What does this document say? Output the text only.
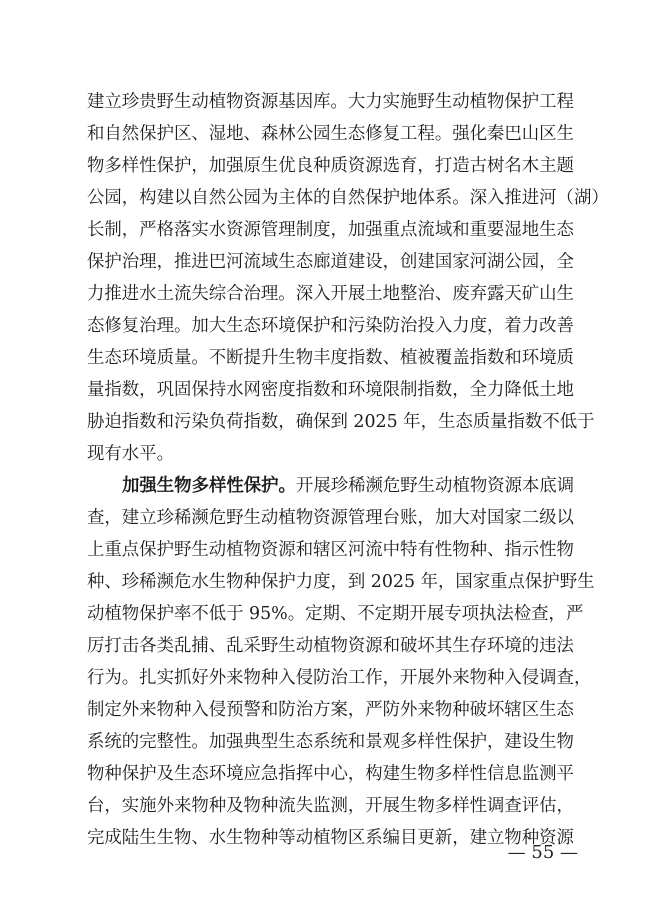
建立珍贵野生动植物资源基因库。大力实施野生动植物保护工程
和自然保护区、湿地、森林公园生态修复工程。强化秦巴山区生
物多样性保护，加强原生优良种质资源选育，打造古树名木主题
公园，构建以自然公园为主体的自然保护地体系。深入推进河（湖）
长制，严格落实水资源管理制度，加强重点流域和重要湿地生态
保护治理，推进巴河流域生态廊道建设，创建国家河湖公园，全
力推进水土流失综合治理。深入开展土地整治、废弃露天矿山生
态修复治理。加大生态环境保护和污染防治投入力度，着力改善
生态环境质量。不断提升生物丰度指数、植被覆盖指数和环境质
量指数，巩固保持水网密度指数和环境限制指数，全力降低土地
胁迫指数和污染负荷指数，确保到 2025 年，生态质量指数不低于
现有水平。
加强生物多样性保护。开展珍稀濒危野生动植物资源本底调
查，建立珍稀濒危野生动植物资源管理台账，加大对国家二级以
上重点保护野生动植物资源和辖区河流中特有性物种、指示性物
种、珍稀濒危水生物种保护力度，到 2025 年，国家重点保护野生
动植物保护率不低于 95%。定期、不定期开展专项执法检查，严
厉打击各类乱捕、乱采野生动植物资源和破坏其生存环境的违法
行为。扎实抓好外来物种入侵防治工作，开展外来物种入侵调查，
制定外来物种入侵预警和防治方案，严防外来物种破坏辖区生态
系统的完整性。加强典型生态系统和景观多样性保护，建设生物
物种保护及生态环境应急指挥中心，构建生物多样性信息监测平
台，实施外来物种及物种流失监测，开展生物多样性调查评估，
完成陆生生物、水生物种等动植物区系编目更新，建立物种资源
— 55 —
